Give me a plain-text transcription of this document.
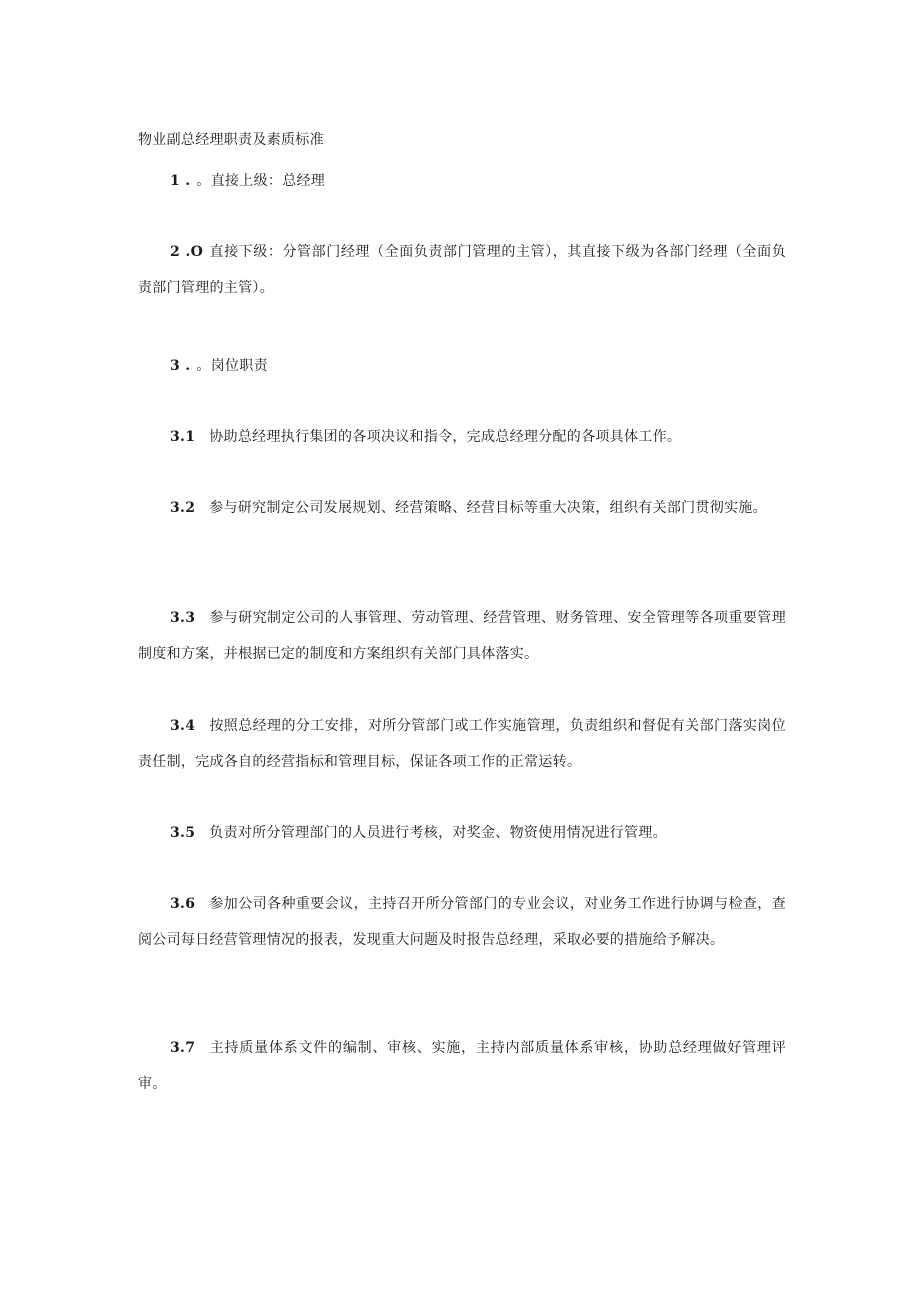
物业副总经理职责及素质标准

1 . 。直接上级：总经理

2 .O 直接下级：分管部门经理（全面负责部门管理的主管），其直接下级为各部门经理（全面负责部门管理的主管）。

3 . 。岗位职责

3.1 协助总经理执行集团的各项决议和指令，完成总经理分配的各项具体工作。

3.2 参与研究制定公司发展规划、经营策略、经营目标等重大决策，组织有关部门贯彻实施。

3.3 参与研究制定公司的人事管理、劳动管理、经营管理、财务管理、安全管理等各项重要管理制度和方案，并根据已定的制度和方案组织有关部门具体落实。

3.4 按照总经理的分工安排，对所分管部门或工作实施管理，负责组织和督促有关部门落实岗位责任制，完成各自的经营指标和管理目标，保证各项工作的正常运转。

3.5 负责对所分管理部门的人员进行考核，对奖金、物资使用情况进行管理。

3.6 参加公司各种重要会议，主持召开所分管部门的专业会议，对业务工作进行协调与检查，查阅公司每日经营管理情况的报表，发现重大问题及时报告总经理，采取必要的措施给予解决。

3.7 主持质量体系文件的编制、审核、实施，主持内部质量体系审核，协助总经理做好管理评审。
